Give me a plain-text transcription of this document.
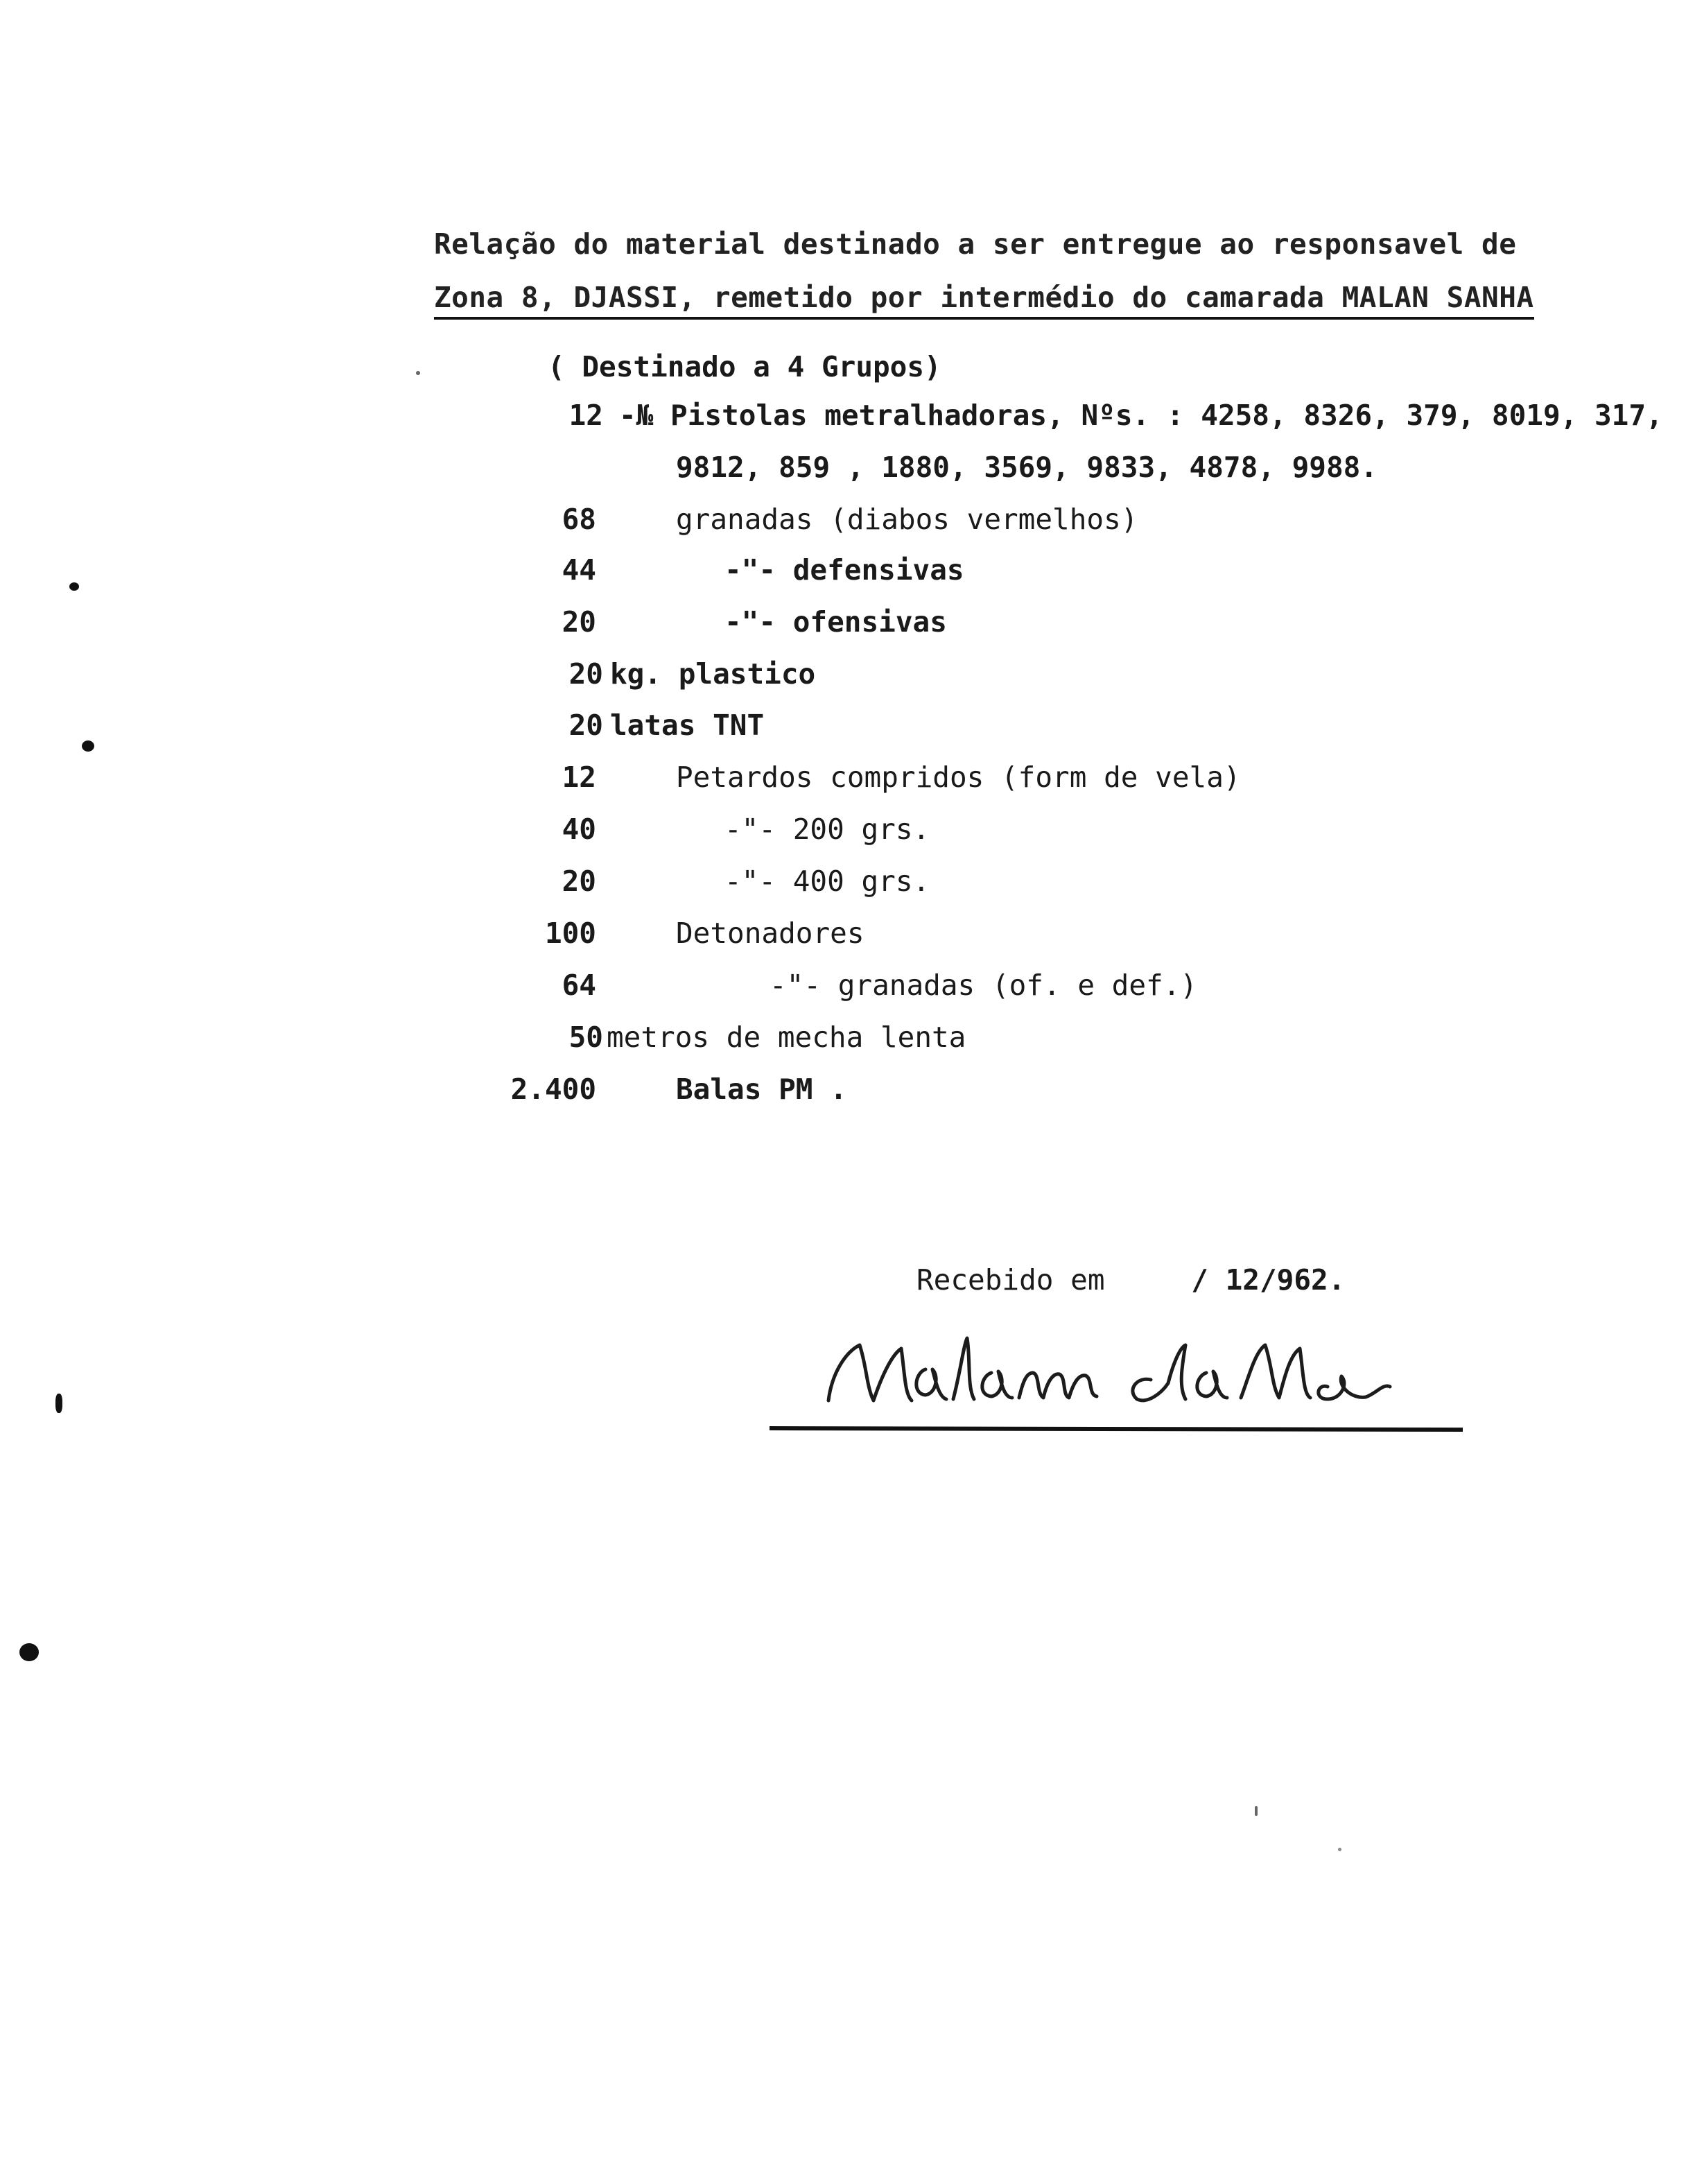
Relação do material destinado a ser entregue ao responsavel de
Zona 8, DJASSI, remetido por intermédio do camarada MALAN SANHA
( Destinado a 4 Grupos)
12 -№ Pistolas metralhadoras, Nºs. : 4258, 8326, 379, 8019, 317,
9812, 859 , 1880, 3569, 9833, 4878, 9988.
68	granadas (diabos vermelhos)
44	-"- defensivas
20	-"- ofensivas
20 kg. plastico
20 latas TNT
12	Petardos compridos (form de vela)
40	-"- 200 grs.
20	-"- 400 grs.
100	Detonadores
64	-"- granadas (of. e def.)
50 metros de mecha lenta
2.400	Balas PM .
Recebido em	/ 12/962.
